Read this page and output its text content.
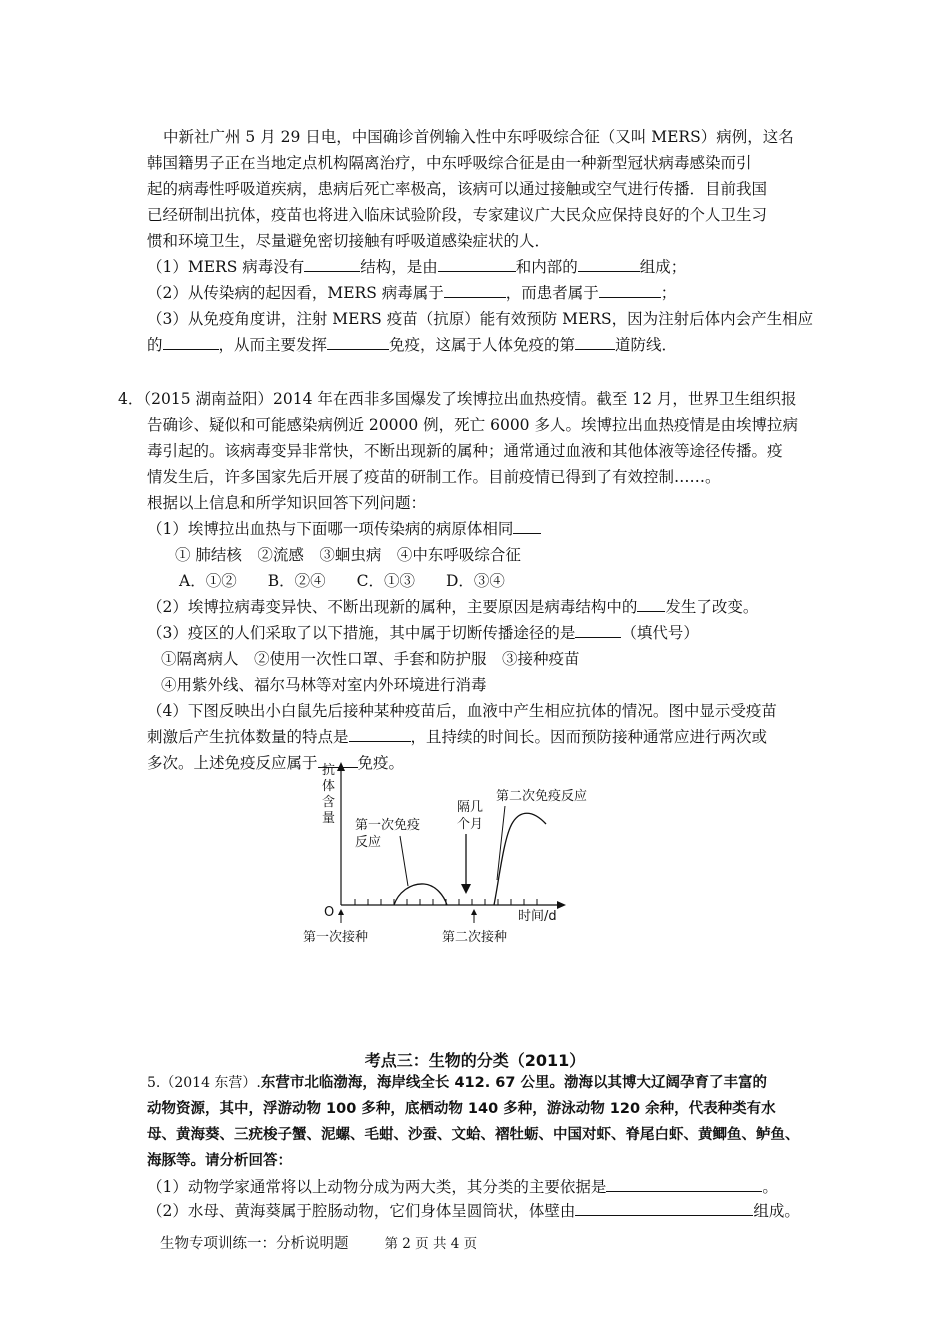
中新社广州 5 月 29 日电，中国确诊首例输入性中东呼吸综合征（又叫 MERS）病例，这名
韩国籍男子正在当地定点机构隔离治疗，中东呼吸综合征是由一种新型冠状病毒感染而引
起的病毒性呼吸道疾病，患病后死亡率极高，该病可以通过接触或空气进行传播．目前我国
已经研制出抗体，疫苗也将进入临床试验阶段，专家建议广大民众应保持良好的个人卫生习
惯和环境卫生，尽量避免密切接触有呼吸道感染症状的人．
（1）MERS 病毒没有	结构，是由	和内部的	组成；
（2）从传染病的起因看，MERS 病毒属于	，而患者属于	；
（3）从免疫角度讲，注射 MERS 疫苗（抗原）能有效预防 MERS，因为注射后体内会产生相应
的	，从而主要发挥	免疫，这属于人体免疫的第	道防线．
4．（2015 湖南益阳）2014 年在西非多国爆发了埃博拉出血热疫情。截至 12 月，世界卫生组织报
告确诊、疑似和可能感染病例近 20000 例，死亡 6000 多人。埃博拉出血热疫情是由埃博拉病
毒引起的。该病毒变异非常快，不断出现新的属种；通常通过血液和其他体液等途径传播。疫
情发生后，许多国家先后开展了疫苗的研制工作。目前疫情已得到了有效控制……。
根据以上信息和所学知识回答下列问题：
（1）埃博拉出血热与下面哪一项传染病的病原体相同
① 肺结核　②流感　③蛔虫病　④中东呼吸综合征
A．①②　　B．②④　　C．①③　　D．③④
（2）埃博拉病毒变异快、不断出现新的属种，主要原因是病毒结构中的 发生了改变。
（3）疫区的人们采取了以下措施，其中属于切断传播途径的是	（填代号）
①隔离病人　②使用一次性口罩、手套和防护服　③接种疫苗
④用紫外线、福尔马林等对室内外环境进行消毒
（4）下图反映出小白鼠先后接种某种疫苗后，血液中产生相应抗体的情况。图中显示受疫苗
刺激后产生抗体数量的特点是	，且持续的时间长。因而预防接种通常应进行两次或
多次。上述免疫反应属于	免疫。
抗
体
含
量
O	时间/d
第一次免疫
反应
隔几
个月
第二次免疫反应
第一次接种	第二次接种
考点三：生物的分类（2011）
5.（2014 东营）.东营市北临渤海，海岸线全长 412. 67 公里。渤海以其博大辽阔孕育了丰富的
动物资源，其中，浮游动物 100 多种，底栖动物 140 多种，游泳动物 120 余种，代表种类有水
母、黄海葵、三疣梭子蟹、泥螺、毛蚶、沙蚕、文蛤、褶牡蛎、中国对虾、脊尾白虾、黄鲫鱼、鲈鱼、
海豚等。请分析回答：
（1）动物学家通常将以上动物分成为两大类，其分类的主要依据是	。
（2）水母、黄海葵属于腔肠动物，它们身体呈圆筒状，体壁由	组成。
生物专项训练一：分析说明题	第 2 页 共 4 页
